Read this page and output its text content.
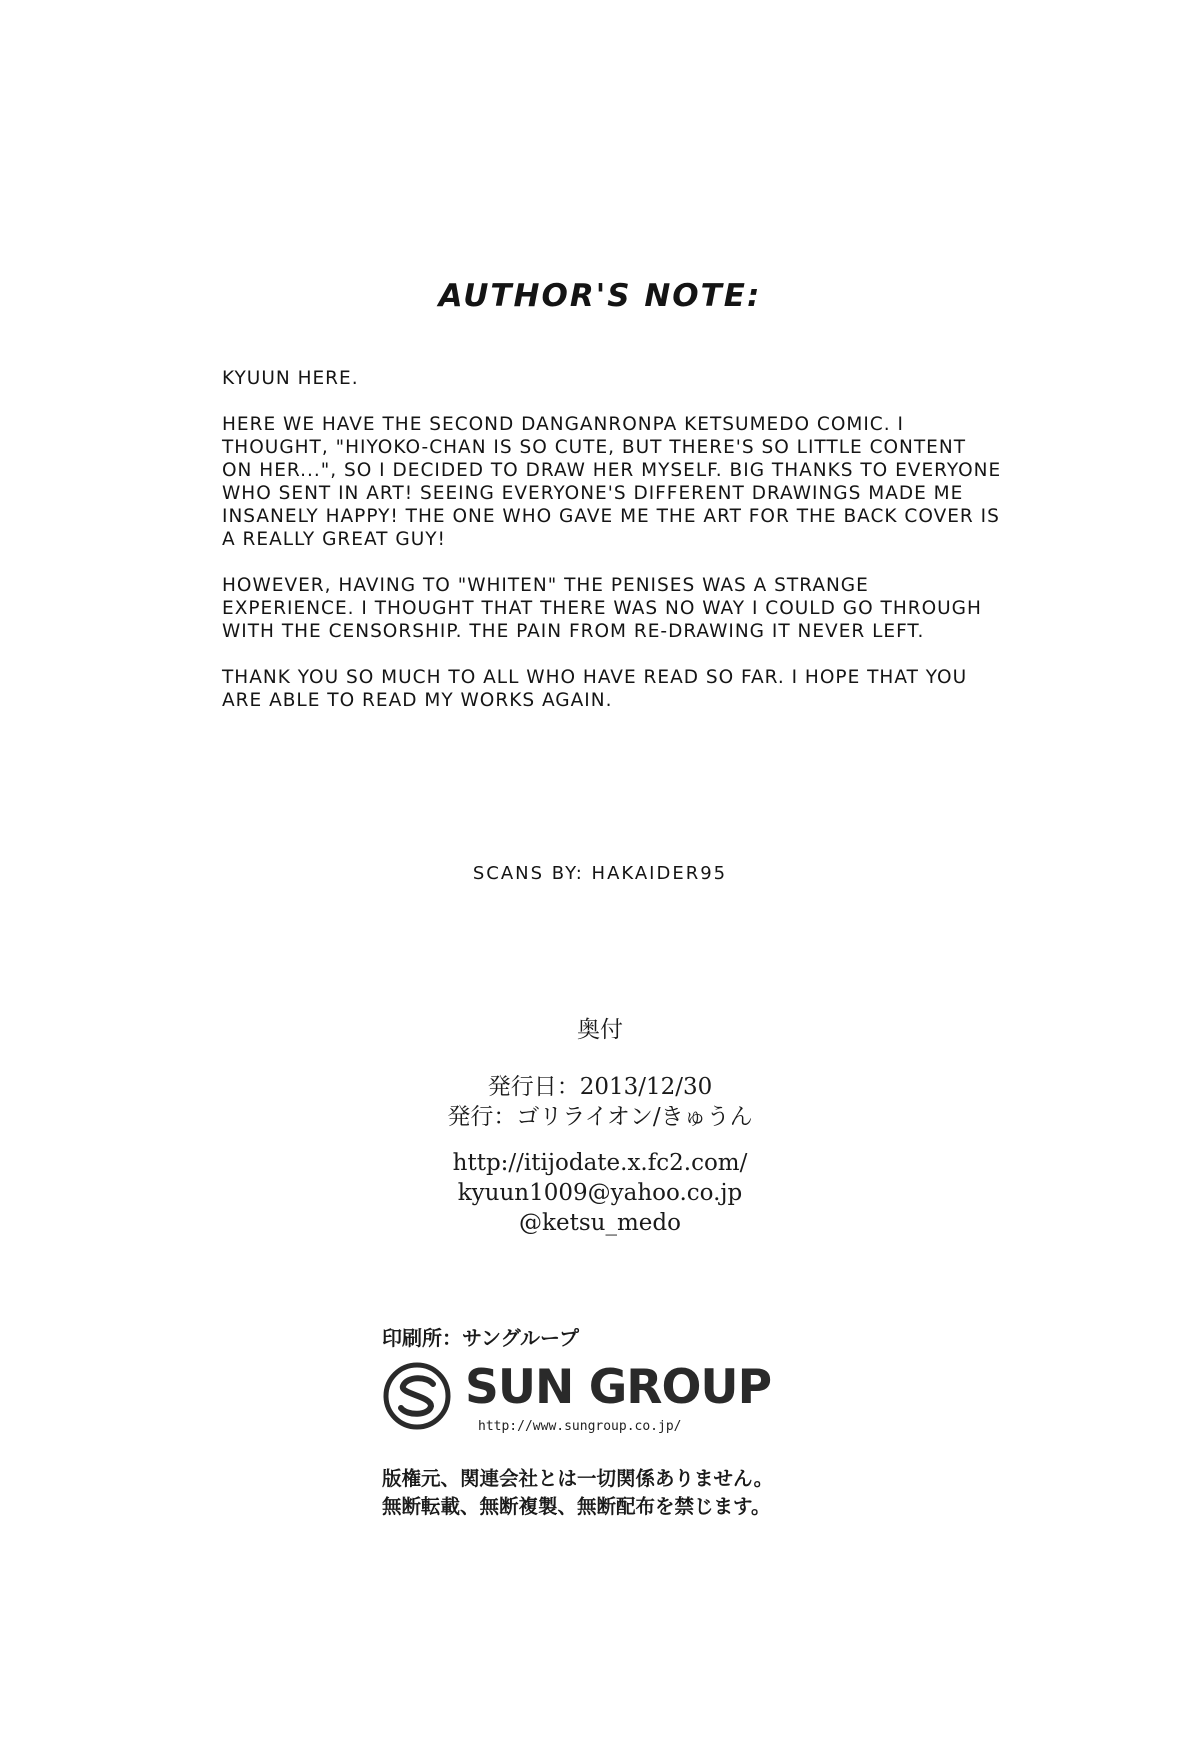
AUTHOR'S NOTE:

KYUUN HERE.

HERE WE HAVE THE SECOND DANGANRONPA KETSUMEDO COMIC. I THOUGHT, "HIYOKO-CHAN IS SO CUTE, BUT THERE'S SO LITTLE CONTENT ON HER...", SO I DECIDED TO DRAW HER MYSELF. BIG THANKS TO EVERYONE WHO SENT IN ART! SEEING EVERYONE'S DIFFERENT DRAWINGS MADE ME INSANELY HAPPY! THE ONE WHO GAVE ME THE ART FOR THE BACK COVER IS A REALLY GREAT GUY!

HOWEVER, HAVING TO "WHITEN" THE PENISES WAS A STRANGE EXPERIENCE. I THOUGHT THAT THERE WAS NO WAY I COULD GO THROUGH WITH THE CENSORSHIP. THE PAIN FROM RE-DRAWING IT NEVER LEFT.

THANK YOU SO MUCH TO ALL WHO HAVE READ SO FAR. I HOPE THAT YOU ARE ABLE TO READ MY WORKS AGAIN.

SCANS BY: HAKAIDER95
奥付
発行日：2013/12/30
発行：ゴリライオン/きゅうん
http://itijodate.x.fc2.com/
kyuun1009@yahoo.co.jp
@ketsu_medo
印刷所：サングループ
SUN GROUP
http://www.sungroup.co.jp/
版権元、関連会社とは一切関係ありません。
無断転載、無断複製、無断配布を禁じます。
